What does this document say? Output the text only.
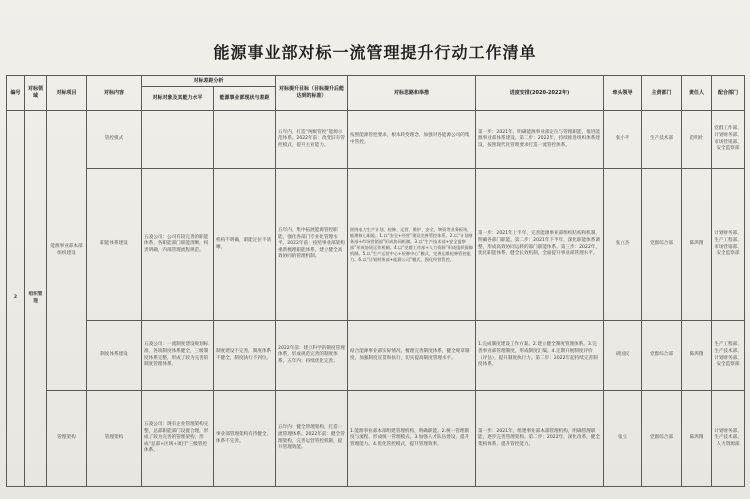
能源事业部对标一流管理提升行动工作清单
编号	对标领域	对标项目	对标内容	对标差距分析		对标提升目标（目标提升后能达到的标准）	对标思路和举措	进度安排(2020-2022年)	牵头领导	主责部门	责任人	配合部门
				对标对象及其能力水平	能源事业部现状与差距							
2	组织管理	能源事业部本部组织建设	管控模式			五年内，打造“两级管控”能源示范体系。2022年前：改变旧有管控模式，提升主业能力。	按照能源管控要求，根本转变理念，加强对各能源公司的集中管控。	第一步：2021年，明确能源事业部定位与管理职能，推进能源事业部体系建设。第二步：2022年，持续推进组织体系建设，按照现代化管理要求打造一流管控体系。	张小平	生产技术部	范明杜	党群工作部、计划财务部、市场营销部、安全监察部
			职能体系建设	五凌公司：公司有较完善的职能体系，各职能部门职能清晰，权责明确，内部管理流程规范。	机构不明确，职能定位不清晰。	五年内，集中拓展能源管控职能，强化各部门专业化管理水平。2022年前：按照事业部架构重新梳理职能体系，建立健全高效协同的管理机制。	围绕电力生产计划、检修、运营、维护、安全、物资等业务板块，梳理核心职能。1.以“安全+经营”建设完善管控体系。2.以“计划财务部+市场营销部”形成协同机制。3.以“生产技术部+安全监察部”形成协同运作机制。4.以“党群工作部+人力资源”形成组织保障机制。5.以“生产运营中心+检修中心”模式，完善运维检修管控能力。6.以“计划财务部+能源公司”模式，强化经营管控。	第一步：2021年上半年，完善能源事业部组织结构和机制，明确各部门职能。第二步：2021年下半年，深化职能体系调整，形成高效协同运转的部门职能体系。第三步：2022年，优化职能体系，健全长效机制，全面提升事业部管理水平。	张立杰	党群综合部	陈鸿翔	计划财务部、生产工程部、市场营销部、安全监察部
			制度体系建设	五凌公司：一流制度建设规划标准，各项制度体系健全，三级制度体系完整，形成了较为完善的制度管理体系。	制度建设不完善，制度体系不健全，制度执行不到位。	2022年前：建立科学的制度管理体系，形成规范完善的制度体系。五年内：持续优化完善。	结合能源事业部实际情况，梳理完善制度体系，健全规章制度，加强制度宣贯和执行，切实提高制度管理水平。	1.完成制度建设工作方案。2.建立健全制度管理体系。3.完善事业部管理制度，形成制度汇编。4.定期开展制度评价（评估），提升制度执行力。第二步：2022年起持续完善制度体系。	胡国民	党群综合部	陈鸿翔	生产工程部、生产技术部、计划财务部、安全监察部
		管理架构	管理架构	五凌公司：现有企业管理架构完整，总部职能部门设置合理，形成了较为完善的管理架构，形成“总部+区域+项目”三级管控体系。	事业部管理架构有待健全，体系不完善。	五年内：健全管理架构，打造一流管理体系。2022年前：健全管理架构，完善运营管控机制，提升管理效能。	1.能源事业部本部组建管理机构，明确职能。2.统一管理制度与流程，形成统一管理模式。3.加强人才队伍建设，提升管理能力。4.优化管控模式，提升管理效率。	第一步：2021年，组建事业部本部管理机构，明确管理职能，逐步完善管理架构。第二步：2022年，深化改革，健全架构体系，提升管控能力。	张立	党群综合部	陈鸿翔	计划财务部、生产技术部、人力资源部
